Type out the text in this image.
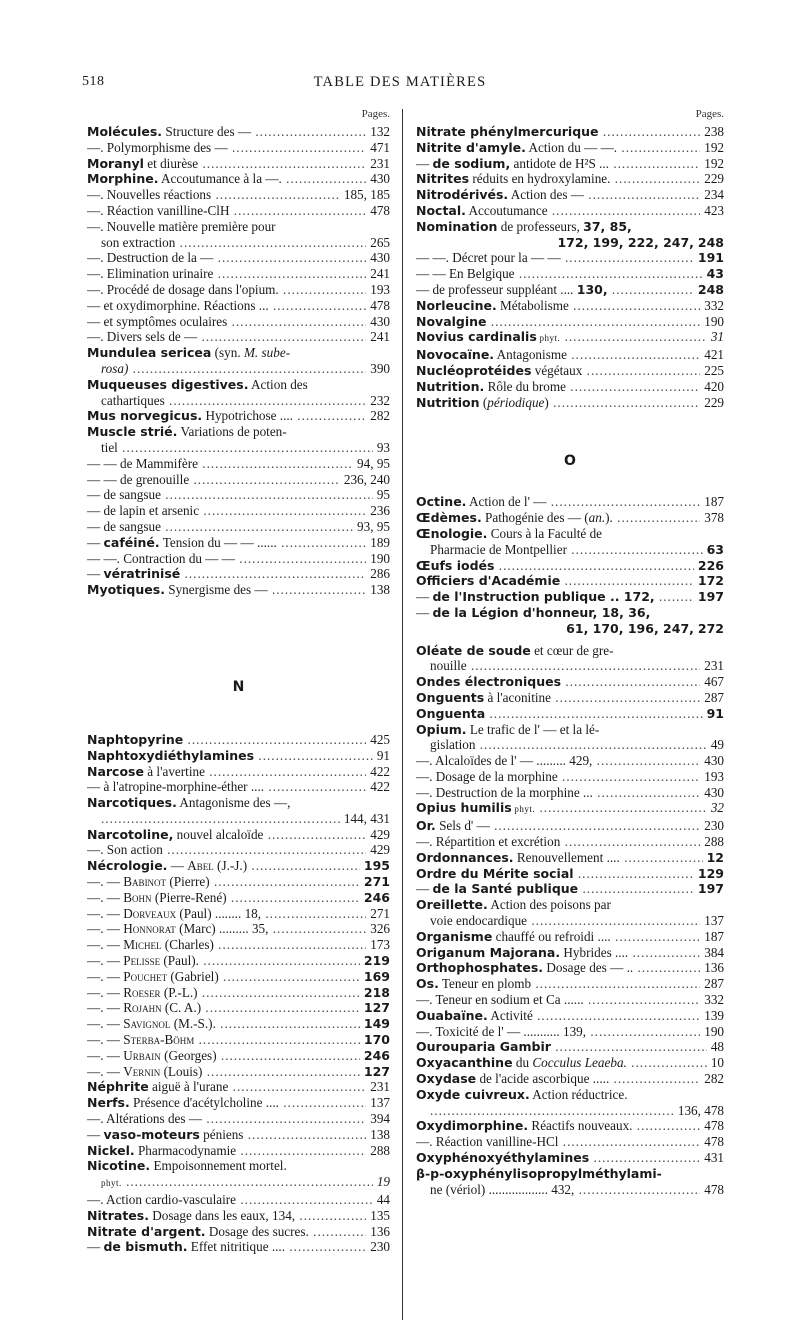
518	TABLE DES MATIÈRES
Pages.
Molécules. Structure des — .....	132
—. Polymorphisme des — .....	471
Moranyl et diurèse .....	231
Morphine. Accoutumance à la —. .....	430
—. Nouvelles réactions .....	185, 185
—. Réaction vanilline-ClH .....	478
—. Nouvelle matière première pour
son extraction .....	265
—. Destruction de la — .....	430
—. Elimination urinaire .....	241
—. Procédé de dosage dans l'opium. .....	193
— et oxydimorphine. Réactions ... .....	478
— et symptômes oculaires .....	430
—. Divers sels de — .....	241
Mundulea sericea (syn. M. sube-
rosa) .....	390
Muqueuses digestives. Action des
cathartiques .....	232
Mus norvegicus. Hypotrichose .... .....	282
Muscle strié. Variations de poten-
tiel .....	93
— — de Mammifère .....	94, 95
— — de grenouille .....	236, 240
— de sangsue .....	95
— de lapin et arsenic .....	236
— de sangsue .....	93, 95
— caféiné. Tension du — — ...... .....	189
— —. Contraction du — — .....	190
— vératrinisé .....	286
Myotiques. Synergisme des — .....	138
N
Naphtopyrine .....	425
Naphtoxydiéthylamines .....	91
Narcose à l'avertine .....	422
— à l'atropine-morphine-éther .... .....	422
Narcotiques. Antagonisme des —,
.....
144, 431
Narcotoline, nouvel alcaloïde .....	429
—. Son action .....	429
Nécrologie. — Abel (J.-J.) .....	195
—. — Babinot (Pierre) .....	271
—. — Bohn (Pierre-René) .....	246
—. — Dorveaux (Paul) ........ 18, .....	271
—. — Honnorat (Marc) ......... 35, .....	326
—. — Michel (Charles) .....	173
—. — Pelisse (Paul). .....	219
—. — Pouchet (Gabriel) .....	169
—. — Roeser (P.-L.) .....	218
—. — Rojahn (C. A.) .....	127
—. — Savignol (M.-S.). .....	149
—. — Sterba-Böhm .....	170
—. — Urbain (Georges) .....	246
—. — Vernin (Louis) .....	127
Néphrite aiguë à l'urane .....	231
Nerfs. Présence d'acétylcholine .... .....	137
—. Altérations des — .....	394
— vaso-moteurs péniens .....	138
Nickel. Pharmacodynamie .....	288
Nicotine. Empoisonnement mortel.
phyt. .....	19
—. Action cardio-vasculaire .....	44
Nitrates. Dosage dans les eaux, 134, .....	135
Nitrate d'argent. Dosage des sucres. .....	136
— de bismuth. Effet nitritique .... .....	230
Pages.
Nitrate phénylmercurique .....	238
Nitrite d'amyle. Action du — —. .....	192
— de sodium, antidote de H²S ... .....	192
Nitrites réduits en hydroxylamine. .....	229
Nitrodérivés. Action des — .....	234
Noctal. Accoutumance .....	423
Nomination de professeurs, 37, 85,
172, 199, 222, 247, 248
— —. Décret pour la — — .....	191
— — En Belgique .....	43
— de professeur suppléant .... 130, .....	248
Norleucine. Métabolisme .....	332
Novalgine .....	190
Novius cardinalis phyt. .....	31
Novocaïne. Antagonisme .....	421
Nucléoprotéides végétaux .....	225
Nutrition. Rôle du brome .....	420
Nutrition (périodique) .....	229
O
Octine. Action de l' — .....	187
Œdèmes. Pathogénie des — (an.). .....	378
Œnologie. Cours à la Faculté de
Pharmacie de Montpellier .....	63
Œufs iodés .....	226
Officiers d'Académie .....	172
— de l'Instruction publique .. 172, .....	197
— de la Légion d'honneur, 18, 36,
61, 170, 196, 247, 272
Oléate de soude et cœur de gre-
nouille .....	231
Ondes électroniques .....	467
Onguents à l'aconitine .....	287
Onguenta .....	91
Opium. Le trafic de l' — et la lé-
gislation .....	49
—. Alcaloïdes de l' — ......... 429, .....	430
—. Dosage de la morphine .....	193
—. Destruction de la morphine ... .....	430
Opius humilis phyt. .....	32
Or. Sels d' — .....	230
—. Répartition et excrétion .....	288
Ordonnances. Renouvellement .... .....	12
Ordre du Mérite social .....	129
— de la Santé publique .....	197
Oreillette. Action des poisons par
voie endocardique .....	137
Organisme chauffé ou refroidi .... .....	187
Origanum Majorana. Hybrides .... .....	384
Orthophosphates. Dosage des — .. .....	136
Os. Teneur en plomb .....	287
—. Teneur en sodium et Ca ...... .....	332
Ouabaïne. Activité .....	139
—. Toxicité de l' — ........... 139, .....	190
Ourouparia Gambir .....	48
Oxyacanthine du Cocculus Leaeba. .....	10
Oxydase de l'acide ascorbique ..... .....	282
Oxyde cuivreux. Action réductrice.
.....
136, 478
Oxydimorphine. Réactifs nouveaux. .....	478
—. Réaction vanilline-HCl .....	478
Oxyphénoxyéthylamines .....	431
β-p-oxyphénylisopropylméthylami-
ne (vériol) .................. 432, .....	478
